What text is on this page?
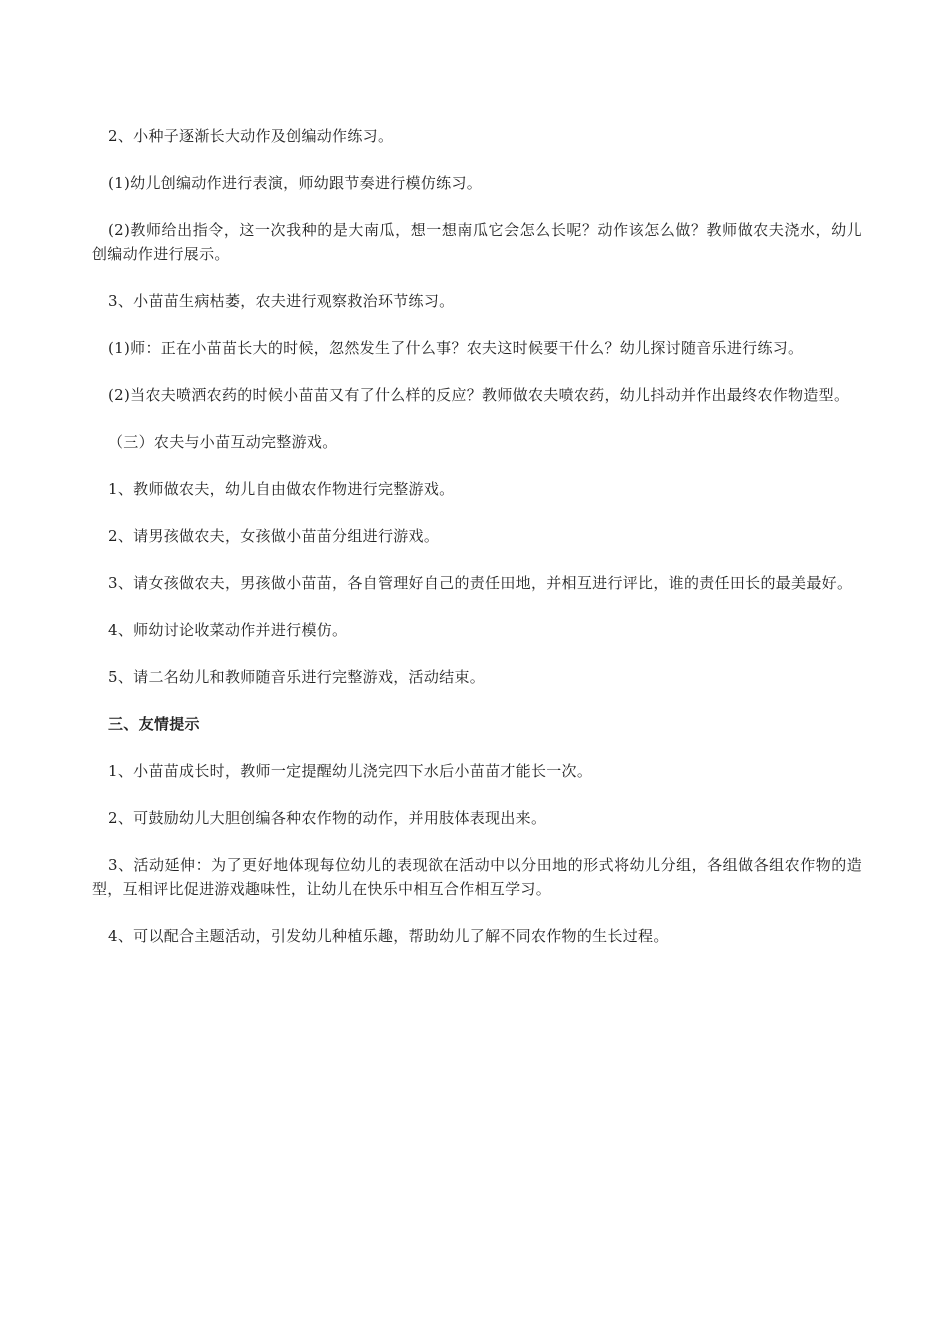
2、小种子逐渐长大动作及创编动作练习。

(1)幼儿创编动作进行表演，师幼跟节奏进行模仿练习。

(2)教师给出指令，这一次我种的是大南瓜，想一想南瓜它会怎么长呢？动作该怎么做？教师做农夫浇水，幼儿创编动作进行展示。

3、小苗苗生病枯萎，农夫进行观察救治环节练习。

(1)师：正在小苗苗长大的时候，忽然发生了什么事？农夫这时候要干什么？幼儿探讨随音乐进行练习。

(2)当农夫喷洒农药的时候小苗苗又有了什么样的反应？教师做农夫喷农药，幼儿抖动并作出最终农作物造型。

（三）农夫与小苗互动完整游戏。

1、教师做农夫，幼儿自由做农作物进行完整游戏。

2、请男孩做农夫，女孩做小苗苗分组进行游戏。

3、请女孩做农夫，男孩做小苗苗，各自管理好自己的责任田地，并相互进行评比，谁的责任田长的最美最好。

4、师幼讨论收菜动作并进行模仿。

5、请二名幼儿和教师随音乐进行完整游戏，活动结束。

三、友情提示

1、小苗苗成长时，教师一定提醒幼儿浇完四下水后小苗苗才能长一次。

2、可鼓励幼儿大胆创编各种农作物的动作，并用肢体表现出来。

3、活动延伸：为了更好地体现每位幼儿的表现欲在活动中以分田地的形式将幼儿分组，各组做各组农作物的造型，互相评比促进游戏趣味性，让幼儿在快乐中相互合作相互学习。

4、可以配合主题活动，引发幼儿种植乐趣，帮助幼儿了解不同农作物的生长过程。
